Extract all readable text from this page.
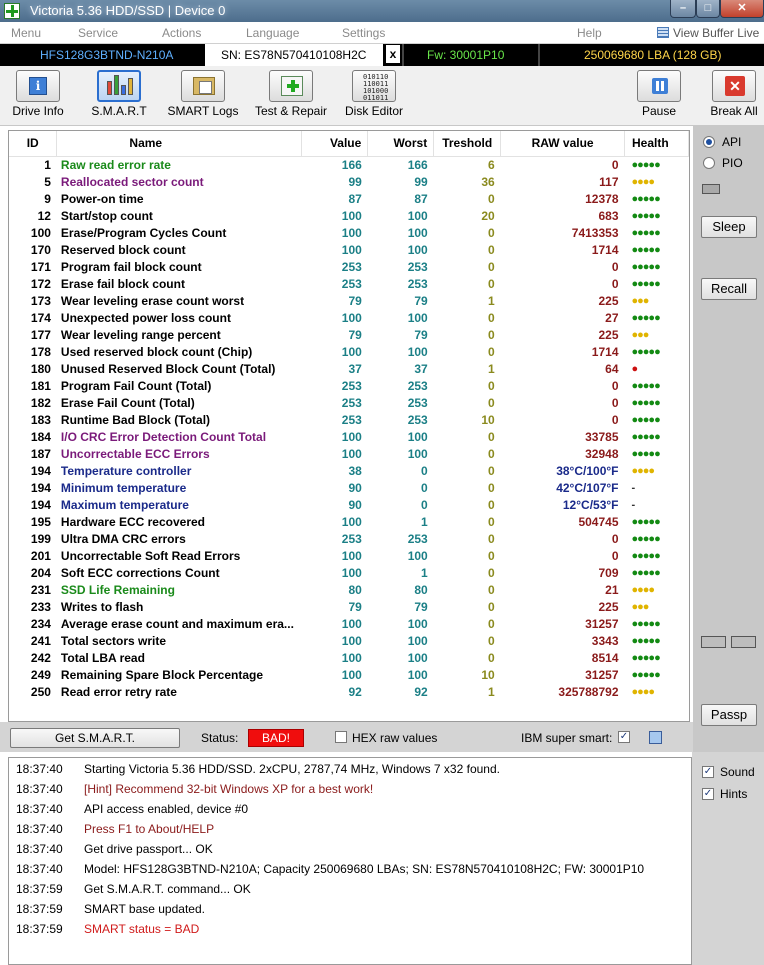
Victoria 5.36 HDD/SSD | Device 0	–	□	✕
Menu	Service	Actions	Language	Settings	Help	View Buffer Live
HFS128G3BTND-N210A	SN: ES78N570410108H2C	x	Fw: 30001P10	250069680 LBA (128 GB)
i
Drive Info S.M.A.R.T SMART Logs Test & Repair
010110
110011
101000
011011
Disk Editor	Pause
✕
Break All
ID	Name	Value	Worst	Treshold	RAW value	Health
1	Raw read error rate	166	166	6	0	●●●●●
5	Reallocated sector count	99	99	36	117	●●●●
9	Power-on time	87	87	0	12378	●●●●●
12	Start/stop count	100	100	20	683	●●●●●
100	Erase/Program Cycles Count	100	100	0	7413353	●●●●●
170	Reserved block count	100	100	0	1714	●●●●●
171	Program fail block count	253	253	0	0	●●●●●
172	Erase fail block count	253	253	0	0	●●●●●
173	Wear leveling erase count worst	79	79	1	225	●●●
174	Unexpected power loss count	100	100	0	27	●●●●●
177	Wear leveling range percent	79	79	0	225	●●●
178	Used reserved block count (Chip)	100	100	0	1714	●●●●●
180	Unused Reserved Block Count (Total)	37	37	1	64	●
181	Program Fail Count (Total)	253	253	0	0	●●●●●
182	Erase Fail Count (Total)	253	253	0	0	●●●●●
183	Runtime Bad Block (Total)	253	253	10	0	●●●●●
184	I/O CRC Error Detection Count Total	100	100	0	33785	●●●●●
187	Uncorrectable ECC Errors	100	100	0	32948	●●●●●
194	Temperature controller	38	0	0	38°C/100°F	●●●●
194	Minimum temperature	90	0	0	42°C/107°F	-
194	Maximum temperature	90	0	0	12°C/53°F	-
195	Hardware ECC recovered	100	1	0	504745	●●●●●
199	Ultra DMA CRC errors	253	253	0	0	●●●●●
201	Uncorrectable Soft Read Errors	100	100	0	0	●●●●●
204	Soft ECC corrections Count	100	1	0	709	●●●●●
231	SSD Life Remaining	80	80	0	21	●●●●
233	Writes to flash	79	79	0	225	●●●
234	Average erase count and maximum era...	100	100	0	31257	●●●●●
241	Total sectors write	100	100	0	3343	●●●●●
242	Total LBA read	100	100	0	8514	●●●●●
249	Remaining Spare Block Percentage	100	100	10	31257	●●●●●
250	Read error retry rate	92	92	1	325788792	●●●●
API
PIO
Sleep
Recall
Passp
Get S.M.A.R.T.	Status:	BAD!	HEX raw values	IBM super smart: ✓
18:37:40 Starting Victoria 5.36 HDD/SSD. 2xCPU, 2787,74 MHz, Windows 7 x32 found.
18:37:40 [Hint] Recommend 32-bit Windows XP for a best work!
18:37:40 API access enabled, device #0
18:37:40 Press F1 to About/HELP
18:37:40 Get drive passport... OK
18:37:40 Model: HFS128G3BTND-N210A; Capacity 250069680 LBAs; SN: ES78N570410108H2C; FW: 30001P10
18:37:59 Get S.M.A.R.T. command... OK
18:37:59 SMART base updated.
18:37:59 SMART status = BAD
✓ Sound
✓ Hints
